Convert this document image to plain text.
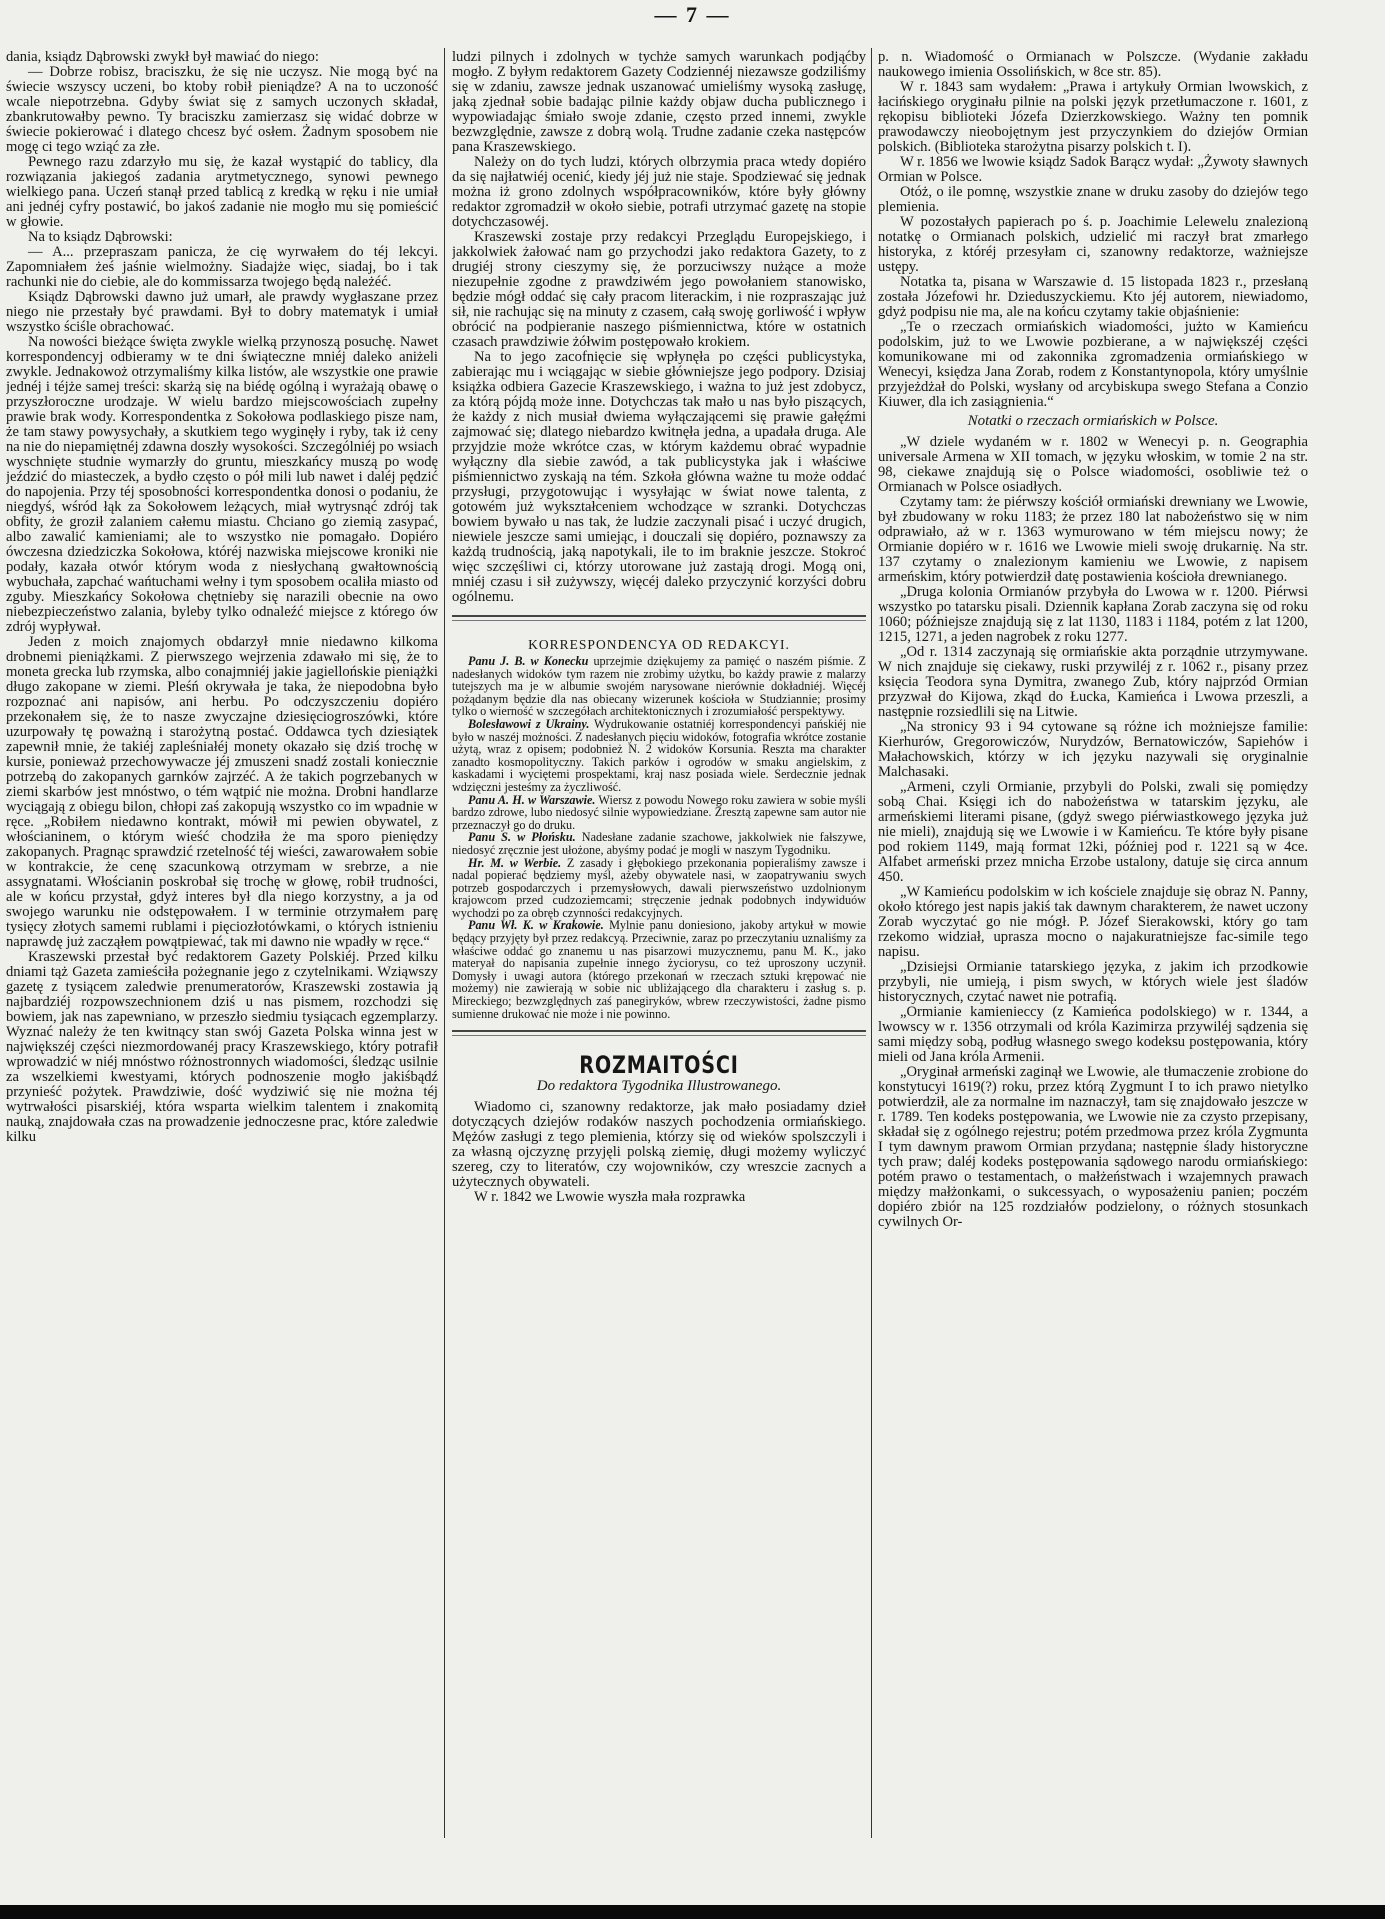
— 7 —

dania, ksiądz Dąbrowski zwykł był mawiać do niego:

— Dobrze robisz, braciszku, że się nie uczysz. Nie mogą być na świecie wszyscy uczeni, bo ktoby robił pieniądze? A na to uczoność wcale niepotrzebna. Gdyby świat się z samych uczonych składał, zbankrutowałby pewno. Ty braciszku zamierzasz się widać dobrze w świecie pokierować i dlatego chcesz być osłem. Żadnym sposobem nie mogę ci tego wziąć za złe.

Pewnego razu zdarzyło mu się, że kazał wystąpić do tablicy, dla rozwiązania jakiegoś zadania arytmetycznego, synowi pewnego wielkiego pana. Uczeń stanął przed tablicą z kredką w ręku i nie umiał ani jednéj cyfry postawić, bo jakoś zadanie nie mogło mu się pomieścić w głowie.

Na to ksiądz Dąbrowski:

— A... przepraszam panicza, że cię wyrwałem do téj lekcyi. Zapomniałem żeś jaśnie wielmożny. Siadajże więc, siadaj, bo i tak rachunki nie do ciebie, ale do kommissarza twojego będą należéć.

Ksiądz Dąbrowski dawno już umarł, ale prawdy wygłaszane przez niego nie przestały być prawdami. Był to dobry matematyk i umiał wszystko ściśle obrachować.

Na nowości bieżące święta zwykle wielką przynoszą posuchę. Nawet korrespondencyj odbieramy w te dni świąteczne mniéj daleko aniżeli zwykle. Jednakowoż otrzymaliśmy kilka listów, ale wszystkie one prawie jednéj i téjże samej treści: skarżą się na biédę ogólną i wyrażają obawę o przyszłoroczne urodzaje. W wielu bardzo miejscowościach zupełny prawie brak wody. Korrespondentka z Sokołowa podlaskiego pisze nam, że tam stawy powysychały, a skutkiem tego wyginęły i ryby, tak iż ceny na nie do niepamiętnéj zdawna doszły wysokości. Szczególniéj po wsiach wyschnięte studnie wymarzły do gruntu, mieszkańcy muszą po wodę jeździć do miasteczek, a bydło często o pół mili lub nawet i daléj pędzić do napojenia. Przy téj sposobności korrespondentka donosi o podaniu, że niegdyś, wśród łąk za Sokołowem leżących, miał wytrysnąć zdrój tak obfity, że groził zalaniem całemu miastu. Chciano go ziemią zasypać, albo zawalić kamieniami; ale to wszystko nie pomagało. Dopiéro ówczesna dziedziczka Sokołowa, któréj nazwiska miejscowe kroniki nie podały, kazała otwór którym woda z niesłychaną gwałtownością wybuchała, zapchać wańtuchami wełny i tym sposobem ocaliła miasto od zguby. Mieszkańcy Sokołowa chętnieby się narazili obecnie na owo niebezpieczeństwo zalania, byleby tylko odnaleźć miejsce z którego ów zdrój wypływał.

Jeden z moich znajomych obdarzył mnie niedawno kilkoma drobnemi pieniążkami. Z pierwszego wejrzenia zdawało mi się, że to moneta grecka lub rzymska, albo conajmniéj jakie jagiellońskie pieniążki długo zakopane w ziemi. Pleśń okrywała je taka, że niepodobna było rozpoznać ani napisów, ani herbu. Po odczyszczeniu dopiéro przekonałem się, że to nasze zwyczajne dziesięciogroszówki, które uzurpowały tę poważną i starożytną postać. Oddawca tych dziesiątek zapewnił mnie, że takiéj zapleśniałéj monety okazało się dziś trochę w kursie, ponieważ przechowywacze jéj zmuszeni snadź zostali koniecznie potrzebą do zakopanych garnków zajrzéć. A że takich pogrzebanych w ziemi skarbów jest mnóstwo, o tém wątpić nie można. Drobni handlarze wyciągają z obiegu bilon, chłopi zaś zakopują wszystko co im wpadnie w ręce. „Robiłem niedawno kontrakt, mówił mi pewien obywatel, z włościaninem, o którym wieść chodziła że ma sporo pieniędzy zakopanych. Pragnąc sprawdzić rzetelność téj wieści, zawarowałem sobie w kontrakcie, że cenę szacunkową otrzymam w srebrze, a nie assygnatami. Włościanin poskrobał się trochę w głowę, robił trudności, ale w końcu przystał, gdyż interes był dla niego korzystny, a ja od swojego warunku nie odstępowałem. I w terminie otrzymałem parę tysięcy złotych samemi rublami i pięciozłotówkami, o których istnieniu naprawdę już zacząłem powątpiewać, tak mi dawno nie wpadły w ręce.“

Kraszewski przestał być redaktorem Gazety Polskiéj. Przed kilku dniami tąż Gazeta zamieściła pożegnanie jego z czytelnikami. Wziąwszy gazetę z tysiącem zaledwie prenumeratorów, Kraszewski zostawia ją najbardziéj rozpowszechnionem dziś u nas pismem, rozchodzi się bowiem, jak nas zapewniano, w przeszło siedmiu tysiącach egzemplarzy. Wyznać należy że ten kwitnący stan swój Gazeta Polska winna jest w największéj części niezmordowanéj pracy Kraszewskiego, który potrafił wprowadzić w niéj mnóstwo różnostronnych wiadomości, śledząc usilnie za wszelkiemi kwestyami, których podnoszenie mogło jakiśbądź przynieść pożytek. Prawdziwie, dość wydziwić się nie można téj wytrwałości pisarskiéj, która wsparta wielkim talentem i znakomitą nauką, znajdowała czas na prowadzenie jednoczesne prac, które zaledwie kilku

ludzi pilnych i zdolnych w tychże samych warunkach podjąćby mogło. Z byłym redaktorem Gazety Codziennéj niezawsze godziliśmy się w zdaniu, zawsze jednak uszanować umieliśmy wysoką zasługę, jaką zjednał sobie badając pilnie każdy objaw ducha publicznego i wypowiadając śmiało swoje zdanie, często przed innemi, zwykle bezwzględnie, zawsze z dobrą wolą. Trudne zadanie czeka następców pana Kraszewskiego.

Należy on do tych ludzi, których olbrzymia praca wtedy dopiéro da się najłatwiéj ocenić, kiedy jéj już nie staje. Spodziewać się jednak można iż grono zdolnych współpracowników, które były główny redaktor zgromadził w około siebie, potrafi utrzymać gazetę na stopie dotychczasowéj.

Kraszewski zostaje przy redakcyi Przeglądu Europejskiego, i jakkolwiek żałować nam go przychodzi jako redaktora Gazety, to z drugiéj strony cieszymy się, że porzuciwszy nużące a może niezupełnie zgodne z prawdziwém jego powołaniem stanowisko, będzie mógł oddać się cały pracom literackim, i nie rozpraszając już sił, nie rachując się na minuty z czasem, całą swoję gorliwość i wpływ obrócić na podpieranie naszego piśmiennictwa, które w ostatnich czasach prawdziwie żółwim postępowało krokiem.

Na to jego zacofnięcie się wpłynęła po części publicystyka, zabierając mu i wciągając w siebie główniejsze jego podpory. Dzisiaj książka odbiera Gazecie Kraszewskiego, i ważna to już jest zdobycz, za którą pójdą może inne. Dotychczas tak mało u nas było piszących, że każdy z nich musiał dwiema wyłączającemi się prawie gałęźmi zajmować się; dlatego niebardzo kwitnęła jedna, a upadała druga. Ale przyjdzie może wkrótce czas, w którym każdemu obrać wypadnie wyłączny dla siebie zawód, a tak publicystyka jak i właściwe piśmiennictwo zyskają na tém. Szkoła główna ważne tu może oddać przysługi, przygotowując i wysyłając w świat nowe talenta, z gotowém już wykształceniem wchodzące w szranki. Dotychczas bowiem bywało u nas tak, że ludzie zaczynali pisać i uczyć drugich, niewiele jeszcze sami umiejąc, i douczali się dopiéro, poznawszy za każdą trudnością, jaką napotykali, ile to im braknie jeszcze. Stokroć więc szczęśliwi ci, którzy utorowane już zastają drogi. Mogą oni, mniéj czasu i sił zużywszy, więcéj daleko przyczynić korzyści dobru ogólnemu.

KORRESPONDENCYA OD REDAKCYI.

Panu J. B. w Konecku uprzejmie dziękujemy za pamięć o naszém piśmie. Z nadesłanych widoków tym razem nie zrobimy użytku, bo każdy prawie z malarzy tutejszych ma je w albumie swojém narysowane nierównie dokładniéj. Więcéj pożądanym będzie dla nas obiecany wizerunek kościoła w Studziannie; prosimy tylko o wierność w szczegółach architektonicznych i zrozumiałość perspektywy.

Bolesławowi z Ukrainy. Wydrukowanie ostatniéj korrespondencyi pańskiéj nie było w naszéj możności. Z nadesłanych pięciu widoków, fotografia wkrótce zostanie użytą, wraz z opisem; podobnież N. 2 widoków Korsunia. Reszta ma charakter zanadto kosmopolityczny. Takich parków i ogrodów w smaku angielskim, z kaskadami i wyciętemi prospektami, kraj nasz posiada wiele. Serdecznie jednak wdzięczni jesteśmy za życzliwość.

Panu A. H. w Warszawie. Wiersz z powodu Nowego roku zawiera w sobie myśli bardzo zdrowe, lubo niedosyć silnie wypowiedziane. Zresztą zapewne sam autor nie przeznaczył go do druku.

Panu S. w Płońsku. Nadesłane zadanie szachowe, jakkolwiek nie fałszywe, niedosyć zręcznie jest ułożone, abyśmy podać je mogli w naszym Tygodniku.

Hr. M. w Werbie. Z zasady i głębokiego przekonania popieraliśmy zawsze i nadal popierać będziemy myśl, ażeby obywatele nasi, w zaopatrywaniu swych potrzeb gospodarczych i przemysłowych, dawali pierwszeństwo uzdolnionym krajowcom przed cudzoziemcami; stręczenie jednak podobnych indywiduów wychodzi po za obręb czynności redakcyjnych.

Panu Wł. K. w Krakowie. Mylnie panu doniesiono, jakoby artykuł w mowie będący przyjęty był przez redakcyą. Przeciwnie, zaraz po przeczytaniu uznaliśmy za właściwe oddać go znanemu u nas pisarzowi muzycznemu, panu M. K., jako materyał do napisania zupełnie innego życiorysu, co też uproszony uczynił. Domysły i uwagi autora (którego przekonań w rzeczach sztuki krępować nie możemy) nie zawierają w sobie nic ubliżającego dla charakteru i zasług s. p. Mireckiego; bezwzględnych zaś panegiryków, wbrew rzeczywistości, żadne pismo sumienne drukować nie może i nie powinno.

ROZMAITOŚCI
Do redaktora Tygodnika Illustrowanego.

Wiadomo ci, szanowny redaktorze, jak mało posiadamy dzieł dotyczących dziejów rodaków naszych pochodzenia ormiańskiego. Mężów zasługi z tego plemienia, którzy się od wieków spolszczyli i za własną ojczyznę przyjęli polską ziemię, długi możemy wyliczyć szereg, czy to literatów, czy wojowników, czy wreszcie zacnych a użytecznych obywateli.

W r. 1842 we Lwowie wyszła mała rozprawka

p. n. Wiadomość o Ormianach w Polszcze. (Wydanie zakładu naukowego imienia Ossolińskich, w 8ce str. 85).

W r. 1843 sam wydałem: „Prawa i artykuły Ormian lwowskich, z łacińskiego oryginału pilnie na polski język przetłumaczone r. 1601, z rękopisu biblioteki Józefa Dzierzkowskiego. Ważny ten pomnik prawodawczy nieobojętnym jest przyczynkiem do dziejów Ormian polskich. (Biblioteka starożytna pisarzy polskich t. I).

W r. 1856 we lwowie ksiądz Sadok Barącz wydał: „Żywoty sławnych Ormian w Polsce.

Otóż, o ile pomnę, wszystkie znane w druku zasoby do dziejów tego plemienia.

W pozostałych papierach po ś. p. Joachimie Lelewelu znalezioną notatkę o Ormianach polskich, udzielić mi raczył brat zmarłego historyka, z któréj przesyłam ci, szanowny redaktorze, ważniejsze ustępy.

Notatka ta, pisana w Warszawie d. 15 listopada 1823 r., przesłaną została Józefowi hr. Dzieduszyckiemu. Kto jéj autorem, niewiadomo, gdyż podpisu nie ma, ale na końcu czytamy takie objaśnienie:

„Te o rzeczach ormiańskich wiadomości, jużto w Kamieńcu podolskim, już to we Lwowie pozbierane, a w największéj części komunikowane mi od zakonnika zgromadzenia ormiańskiego w Wenecyi, księdza Jana Zorab, rodem z Konstantynopola, który umyślnie przyjeżdżał do Polski, wysłany od arcybiskupa swego Stefana a Conzio Kiuwer, dla ich zasiągnienia.“

Notatki o rzeczach ormiańskich w Polsce.

„W dziele wydaném w r. 1802 w Wenecyi p. n. Geographia universale Armena w XII tomach, w języku włoskim, w tomie 2 na str. 98, ciekawe znajdują się o Polsce wiadomości, osobliwie też o Ormianach w Polsce osiadłych.

Czytamy tam: że piérwszy kościół ormiański drewniany we Lwowie, był zbudowany w roku 1183; że przez 180 lat nabożeństwo się w nim odprawiało, aż w r. 1363 wymurowano w tém miejscu nowy; że Ormianie dopiéro w r. 1616 we Lwowie mieli swoję drukarnię. Na str. 137 czytamy o znalezionym kamieniu we Lwowie, z napisem armeńskim, który potwierdził datę postawienia kościoła drewnianego.

„Druga kolonia Ormianów przybyła do Lwowa w r. 1200. Piérwsi wszystko po tatarsku pisali. Dziennik kapłana Zorab zaczyna się od roku 1060; późniejsze znajdują się z lat 1130, 1183 i 1184, potém z lat 1200, 1215, 1271, a jeden nagrobek z roku 1277.

„Od r. 1314 zaczynają się ormiańskie akta porządnie utrzymywane. W nich znajduje się ciekawy, ruski przywiléj z r. 1062 r., pisany przez księcia Teodora syna Dymitra, zwanego Zub, który najprzód Ormian przyzwał do Kijowa, zkąd do Łucka, Kamieńca i Lwowa przeszli, a następnie rozsiedlili się na Litwie.

„Na stronicy 93 i 94 cytowane są różne ich możniejsze familie: Kierhurów, Gregorowiczów, Nurydzów, Bernatowiczów, Sapiehów i Małachowskich, którzy w ich języku nazywali się oryginalnie Malchasaki.

„Armeni, czyli Ormianie, przybyli do Polski, zwali się pomiędzy sobą Chai. Księgi ich do nabożeństwa w tatarskim języku, ale armeńskiemi literami pisane, (gdyż swego piérwiastkowego języka już nie mieli), znajdują się we Lwowie i w Kamieńcu. Te które były pisane pod rokiem 1149, mają format 12ki, później pod r. 1221 są w 4ce. Alfabet armeński przez mnicha Erzobe ustalony, datuje się circa annum 450.

„W Kamieńcu podolskim w ich kościele znajduje się obraz N. Panny, około którego jest napis jakiś tak dawnym charakterem, że nawet uczony Zorab wyczytać go nie mógł. P. Józef Sierakowski, który go tam rzekomo widział, uprasza mocno o najakuratniejsze fac-simile tego napisu.

„Dzisiejsi Ormianie tatarskiego języka, z jakim ich przodkowie przybyli, nie umieją, i pism swych, w których wiele jest śladów historycznych, czytać nawet nie potrafią.

„Ormianie kamienieccy (z Kamieńca podolskiego) w r. 1344, a lwowscy w r. 1356 otrzymali od króla Kazimirza przywiléj sądzenia się sami między sobą, podług własnego swego kodeksu postępowania, który mieli od Jana króla Armenii.

„Oryginał armeński zaginął we Lwowie, ale tłumaczenie zrobione do konstytucyi 1619(?) roku, przez którą Zygmunt I to ich prawo nietylko potwierdził, ale za normalne im naznaczył, tam się znajdowało jeszcze w r. 1789. Ten kodeks postępowania, we Lwowie nie za czysto przepisany, składał się z ogólnego rejestru; potém przedmowa przez króla Zygmunta I tym dawnym prawom Ormian przydana; następnie ślady historyczne tych praw; daléj kodeks postępowania sądowego narodu ormiańskiego: potém prawo o testamentach, o małżeństwach i wzajemnych prawach między małżonkami, o sukcessyach, o wyposażeniu panien; poczém dopiéro zbiór na 125 rozdziałów podzielony, o różnych stosunkach cywilnych Or-
